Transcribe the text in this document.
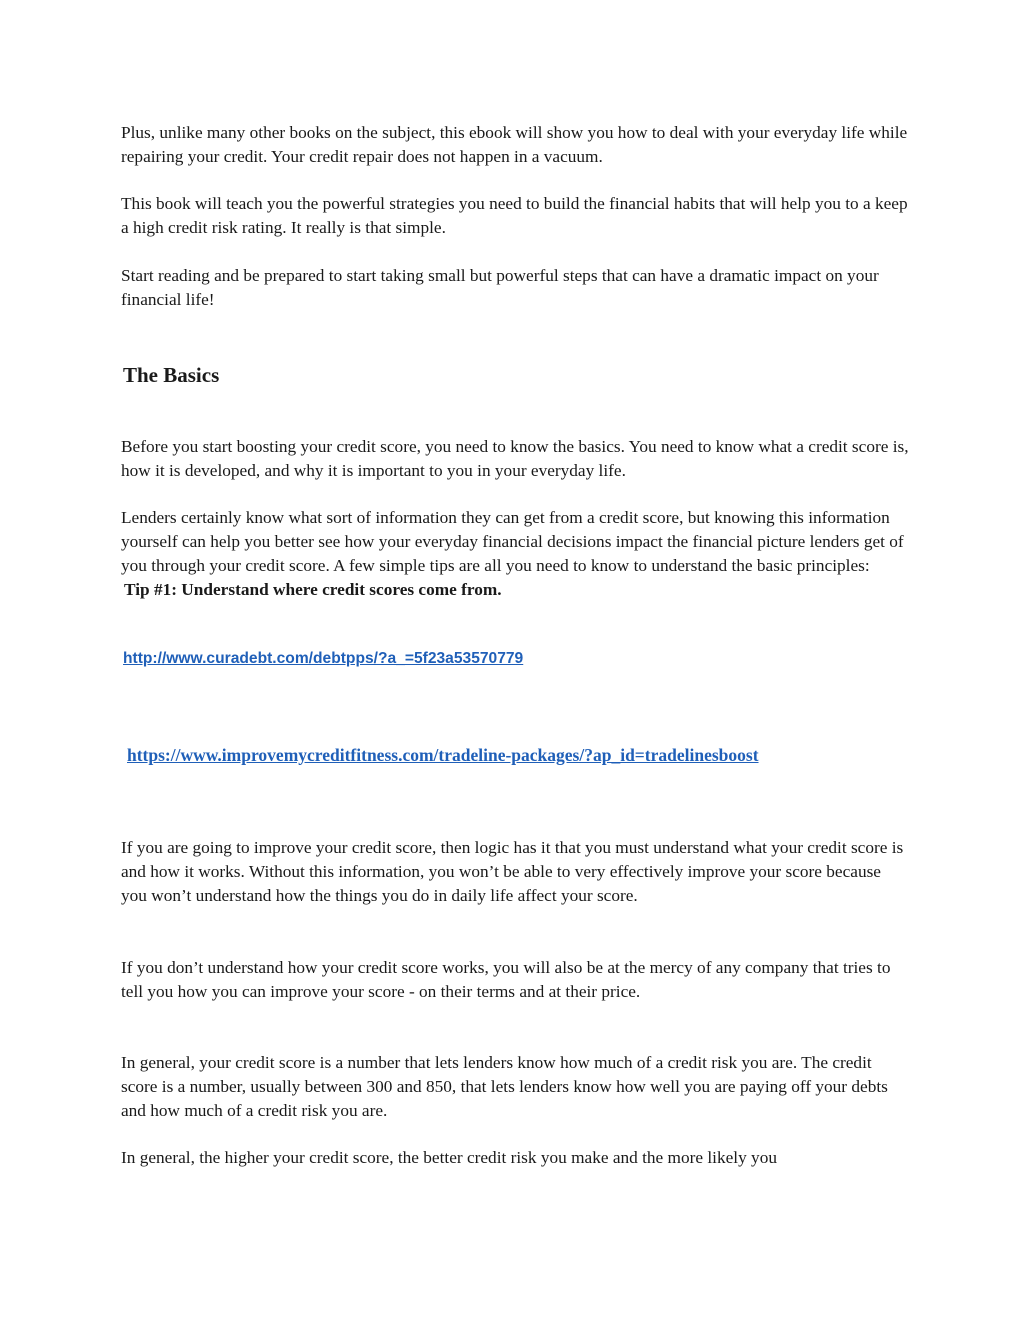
Plus, unlike many other books on the subject, this ebook will show you how to deal with your everyday life while repairing your credit. Your credit repair does not happen in a vacuum.

This book will teach you the powerful strategies you need to build the financial habits that will help you to a keep a high credit risk rating. It really is that simple.

Start reading and be prepared to start taking small but powerful steps that can have a dramatic impact on your financial life!

The Basics

Before you start boosting your credit score, you need to know the basics. You need to know what a credit score is, how it is developed, and why it is important to you in your everyday life.

Lenders certainly know what sort of information they can get from a credit score, but knowing this information yourself can help you better see how your everyday financial decisions impact the financial picture lenders get of you through your credit score. A few simple tips are all you need to know to understand the basic principles:
Tip #1: Understand where credit scores come from.
http://www.curadebt.com/debtpps/?a_=5f23a53570779
https://www.improvemycreditfitness.com/tradeline-packages/?ap_id=tradelinesboost

If you are going to improve your credit score, then logic has it that you must understand what your credit score is and how it works. Without this information, you won’t be able to very effectively improve your score because you won’t understand how the things you do in daily life affect your score.

If you don’t understand how your credit score works, you will also be at the mercy of any company that tries to tell you how you can improve your score - on their terms and at their price.

In general, your credit score is a number that lets lenders know how much of a credit risk you are. The credit score is a number, usually between 300 and 850, that lets lenders know how well you are paying off your debts and how much of a credit risk you are.

In general, the higher your credit score, the better credit risk you make and the more likely you
